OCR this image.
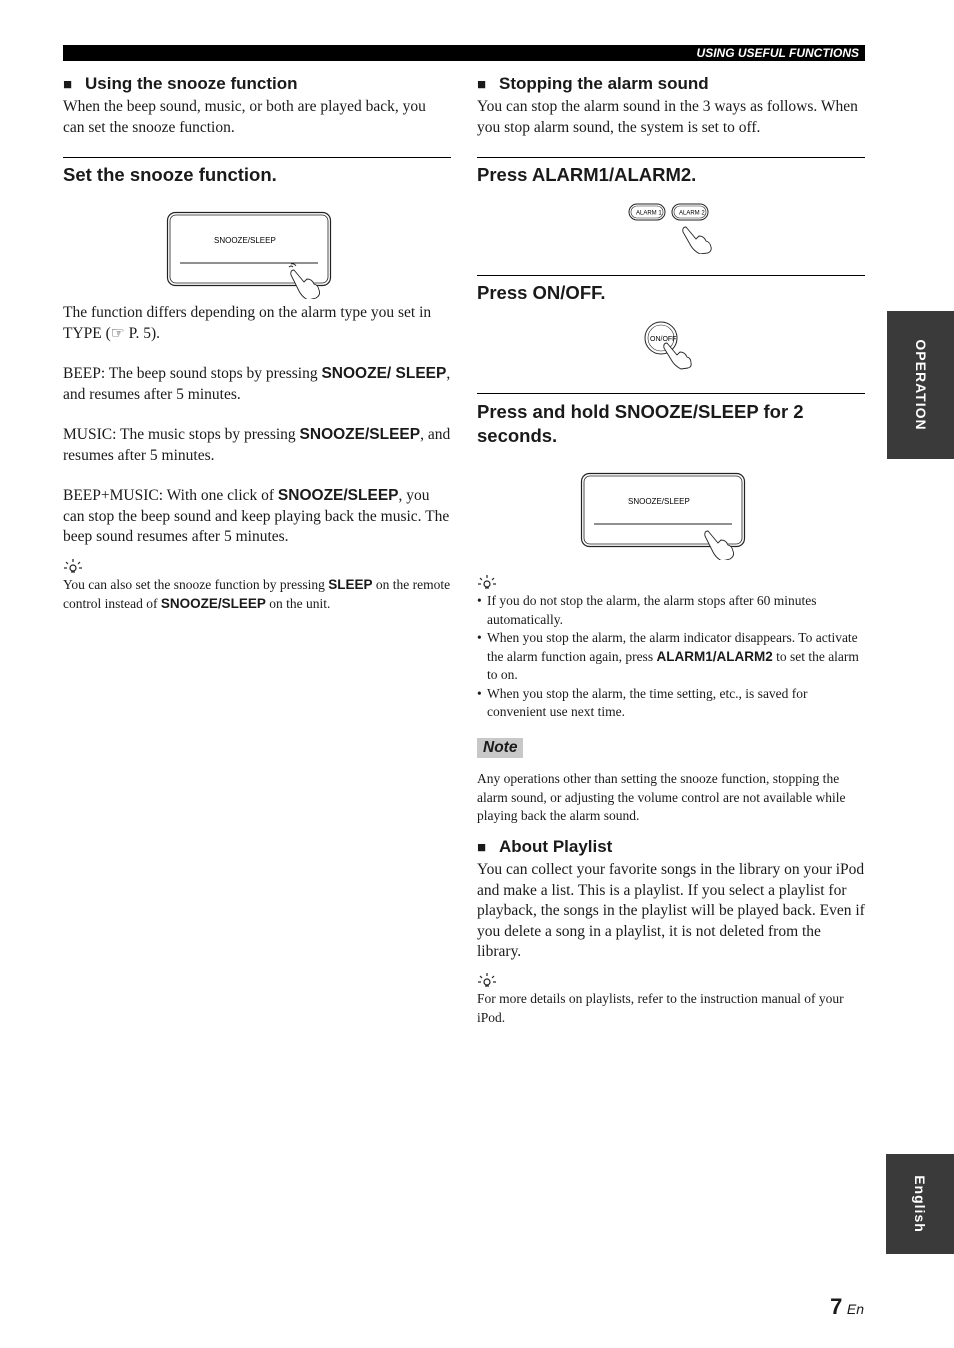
USING USEFUL FUNCTIONS
OPERATION
English
■ Using the snooze function

When the beep sound, music, or both are played back, you can set the snooze function.

Set the snooze function.
SNOOZE/SLEEP

The function differs depending on the alarm type you set in TYPE (☞ P. 5).

BEEP: The beep sound stops by pressing SNOOZE/ SLEEP, and resumes after 5 minutes.

MUSIC: The music stops by pressing SNOOZE/SLEEP, and resumes after 5 minutes.

BEEP+MUSIC: With one click of SNOOZE/SLEEP, you can stop the beep sound and keep playing back the music. The beep sound resumes after 5 minutes.

You can also set the snooze function by pressing SLEEP on the remote control instead of SNOOZE/SLEEP on the unit.

■ Stopping the alarm sound

You can stop the alarm sound in the 3 ways as follows. When you stop alarm sound, the system is set to off.

Press ALARM1/ALARM2.
ALARM 1	ALARM 2
Press ON/OFF.
ON/OFF
Press and hold SNOOZE/SLEEP for 2 seconds.
SNOOZE/SLEEP
• If you do not stop the alarm, the alarm stops after 60 minutes automatically.
• When you stop the alarm, the alarm indicator disappears. To activate the alarm function again, press ALARM1/ALARM2 to set the alarm to on.
• When you stop the alarm, the time setting, etc., is saved for convenient use next time.
Note

Any operations other than setting the snooze function, stopping the alarm sound, or adjusting the volume control are not available while playing back the alarm sound.

■ About Playlist

You can collect your favorite songs in the library on your iPod and make a list. This is a playlist. If you select a playlist for playback, the songs in the playlist will be played back. Even if you delete a song in a playlist, it is not deleted from the library.

For more details on playlists, refer to the instruction manual of your iPod.

7 En
